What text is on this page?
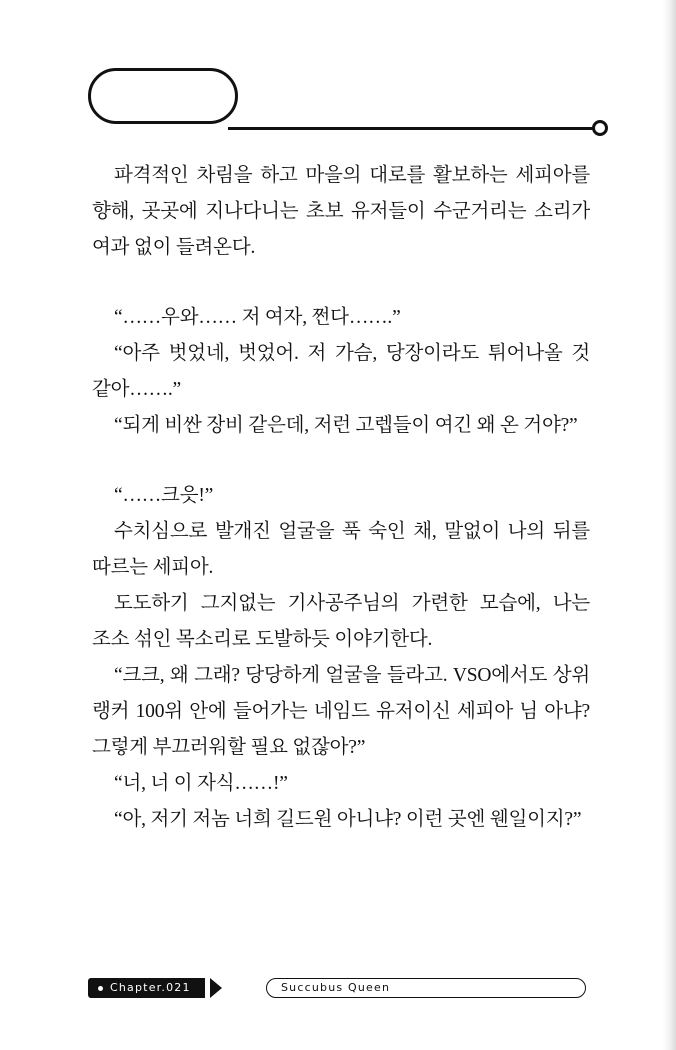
파격적인 차림을 하고 마을의 대로를 활보하는 세피아를 향해, 곳곳에 지나다니는 초보 유저들이 수군거리는 소리가 여과 없이 들려온다.

“……우와…… 저 여자, 쩐다…….”

“아주 벗었네, 벗었어. 저 가슴, 당장이라도 튀어나올 것 같아…….”

“되게 비싼 장비 같은데, 저런 고렙들이 여긴 왜 온 거야?”

“……크읏!”

수치심으로 발개진 얼굴을 푹 숙인 채, 말없이 나의 뒤를 따르는 세피아.

도도하기 그지없는 기사공주님의 가련한 모습에, 나는 조소 섞인 목소리로 도발하듯 이야기한다.

“크크, 왜 그래? 당당하게 얼굴을 들라고. VSO에서도 상위 랭커 100위 안에 들어가는 네임드 유저이신 세피아 님 아냐? 그렇게 부끄러워할 필요 없잖아?”

“너, 너 이 자식……!”

“아, 저기 저놈 너희 길드원 아니냐? 이런 곳엔 웬일이지?”

Chapter.021	Succubus Queen
